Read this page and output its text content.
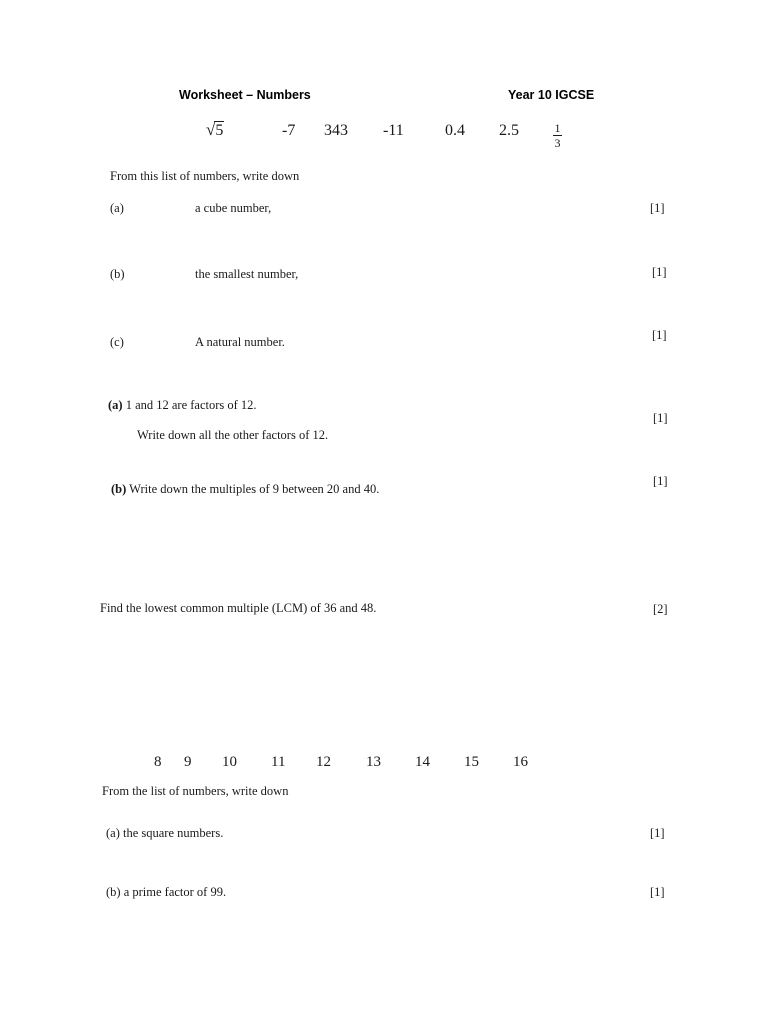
Worksheet – Numbers	Year 10 IGCSE
√5	-7 343 -11	0.4 2.5	$\frac{1}{3}$
From this list of numbers, write down
(a)	a cube number,	[1]
(b)	the smallest number,	[1]
(c)	A natural number.	[1]
(a) 1 and 12 are factors of 12.
[1]
Write down all the other factors of 12.
(b) Write down the multiples of 9 between 20 and 40.
[1]
Find the lowest common multiple (LCM) of 36 and 48.	[2]
8 9 10 11 12 13 14 15 16
From the list of numbers, write down
(a) the square numbers.	[1]
(b) a prime factor of 99.	[1]
